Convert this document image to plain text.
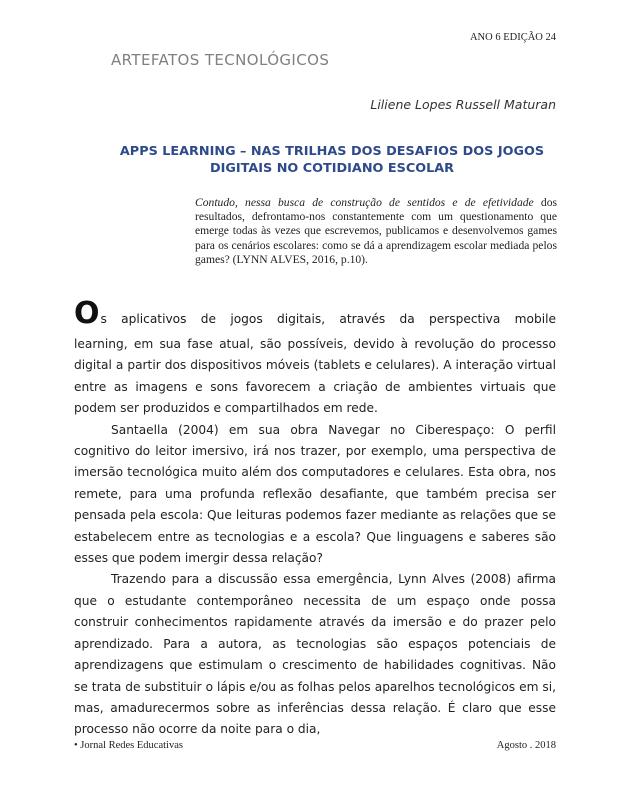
ANO 6 EDIÇÃO 24
ARTEFATOS TECNOLÓGICOS
Liliene Lopes Russell Maturan
APPS LEARNING – NAS TRILHAS DOS DESAFIOS DOS JOGOS
DIGITAIS NO COTIDIANO ESCOLAR
Contudo, nessa busca de construção de sentidos e de efetividade dos resultados, defrontamo-nos constantemente com um questionamento que emerge todas às vezes que escrevemos, publicamos e desenvolvemos games para os cenários escolares: como se dá a aprendizagem escolar mediada pelos games? (LYNN ALVES, 2016, p.10).
O s aplicativos de jogos digitais, através da perspectiva mobile

learning, em sua fase atual, são possíveis, devido à revolução do processo digital a partir dos dispositivos móveis (tablets e celulares). A interação virtual entre as imagens e sons favorecem a criação de ambientes virtuais que podem ser produzidos e compartilhados em rede.

Santaella (2004) em sua obra Navegar no Ciberespaço: O perfil cognitivo do leitor imersivo, irá nos trazer, por exemplo, uma perspectiva de imersão tecnológica muito além dos computadores e celulares. Esta obra, nos remete, para uma profunda reflexão desafiante, que também precisa ser pensada pela escola: Que leituras podemos fazer mediante as relações que se estabelecem entre as tecnologias e a escola? Que linguagens e saberes são esses que podem imergir dessa relação?

Trazendo para a discussão essa emergência, Lynn Alves (2008) afirma que o estudante contemporâneo necessita de um espaço onde possa construir conhecimentos rapidamente através da imersão e do prazer pelo aprendizado. Para a autora, as tecnologias são espaços potenciais de aprendizagens que estimulam o crescimento de habilidades cognitivas. Não se trata de substituir o lápis e/ou as folhas pelos aparelhos tecnológicos em si, mas, amadurecermos sobre as inferências dessa relação. É claro que esse processo não ocorre da noite para o dia,

• Jornal Redes Educativas	Agosto . 2018
